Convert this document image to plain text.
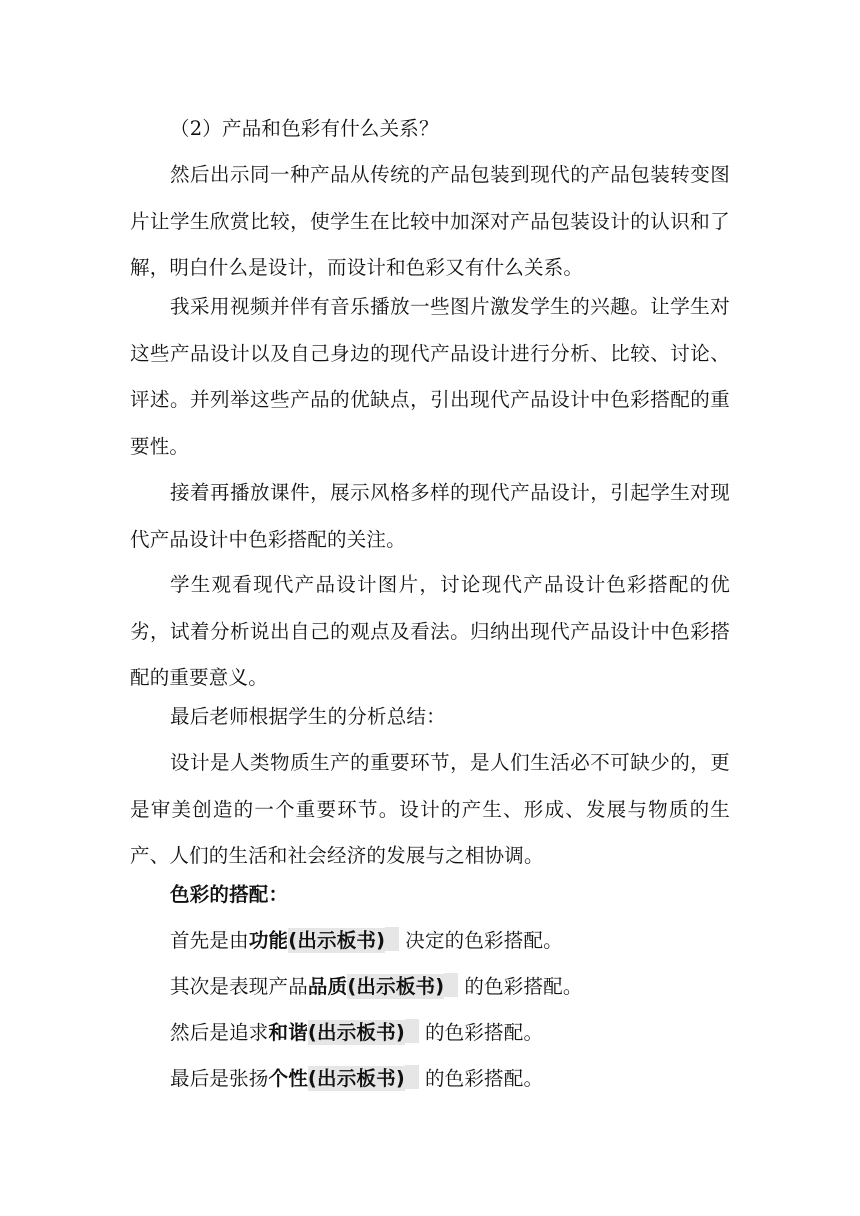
（2）产品和色彩有什么关系？

然后出示同一种产品从传统的产品包装到现代的产品包装转变图片让学生欣赏比较，使学生在比较中加深对产品包装设计的认识和了解，明白什么是设计，而设计和色彩又有什么关系。

我采用视频并伴有音乐播放一些图片激发学生的兴趣。让学生对这些产品设计以及自己身边的现代产品设计进行分析、比较、讨论、评述。并列举这些产品的优缺点，引出现代产品设计中色彩搭配的重要性。

接着再播放课件，展示风格多样的现代产品设计，引起学生对现代产品设计中色彩搭配的关注。

学生观看现代产品设计图片，讨论现代产品设计色彩搭配的优劣，试着分析说出自己的观点及看法。归纳出现代产品设计中色彩搭配的重要意义。

最后老师根据学生的分析总结：

设计是人类物质生产的重要环节，是人们生活必不可缺少的，更是审美创造的一个重要环节。设计的产生、形成、发展与物质的生产、人们的生活和社会经济的发展与之相协调。

色彩的搭配：

首先是由功能(出示板书) 决定的色彩搭配。

其次是表现产品品质(出示板书) 的色彩搭配。

然后是追求和谐(出示板书) 的色彩搭配。

最后是张扬个性(出示板书) 的色彩搭配。
